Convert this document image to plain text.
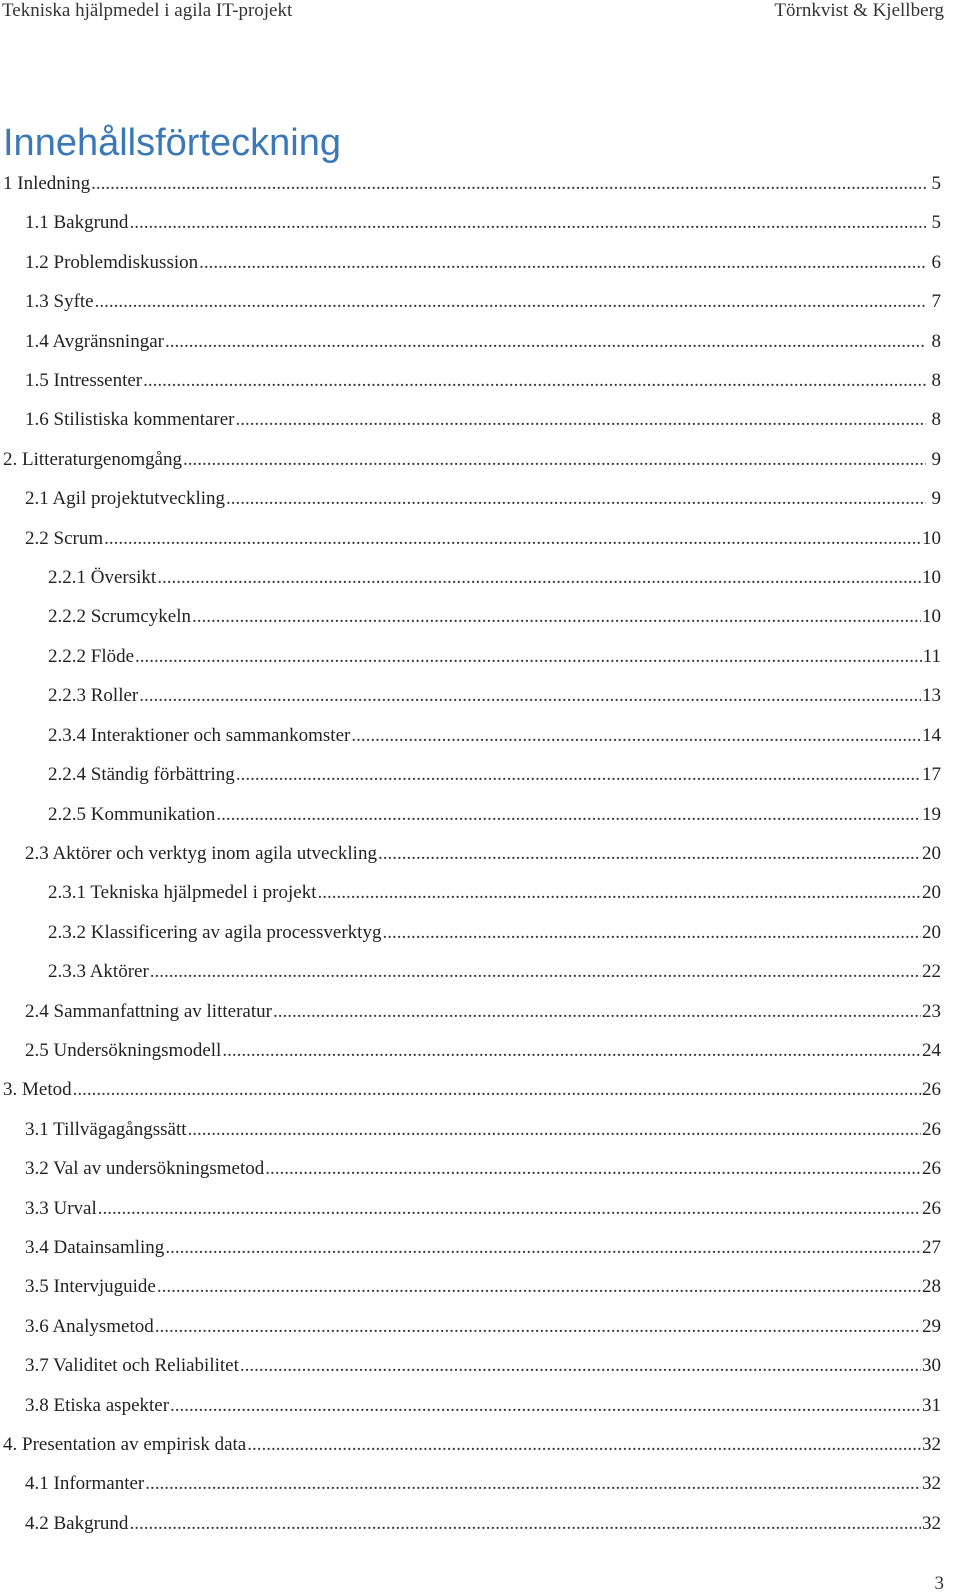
Tekniska hjälpmedel i agila IT-projekt	Törnkvist & Kjellberg
Innehållsförteckning
1 Inledning .....	5
1.1 Bakgrund .....	5
1.2 Problemdiskussion .....	6
1.3 Syfte .....	7
1.4 Avgränsningar .....	8
1.5 Intressenter .....	8
1.6 Stilistiska kommentarer .....	8
2. Litteraturgenomgång .....	9
2.1 Agil projektutveckling .....	9
2.2 Scrum .....	10
2.2.1 Översikt .....	10
2.2.2 Scrumcykeln .....	10
2.2.2 Flöde .....	11
2.2.3 Roller .....	13
2.3.4 Interaktioner och sammankomster .....	14
2.2.4 Ständig förbättring .....	17
2.2.5 Kommunikation .....	19
2.3 Aktörer och verktyg inom agila utveckling .....	20
2.3.1 Tekniska hjälpmedel i projekt .....	20
2.3.2 Klassificering av agila processverktyg .....	20
2.3.3 Aktörer .....	22
2.4 Sammanfattning av litteratur .....	23
2.5 Undersökningsmodell .....	24
3. Metod .....	26
3.1 Tillvägagångssätt .....	26
3.2 Val av undersökningsmetod .....	26
3.3 Urval .....	26
3.4 Datainsamling .....	27
3.5 Intervjuguide .....	28
3.6 Analysmetod .....	29
3.7 Validitet och Reliabilitet .....	30
3.8 Etiska aspekter .....	31
4. Presentation av empirisk data .....	32
4.1 Informanter .....	32
4.2 Bakgrund .....	32
3
